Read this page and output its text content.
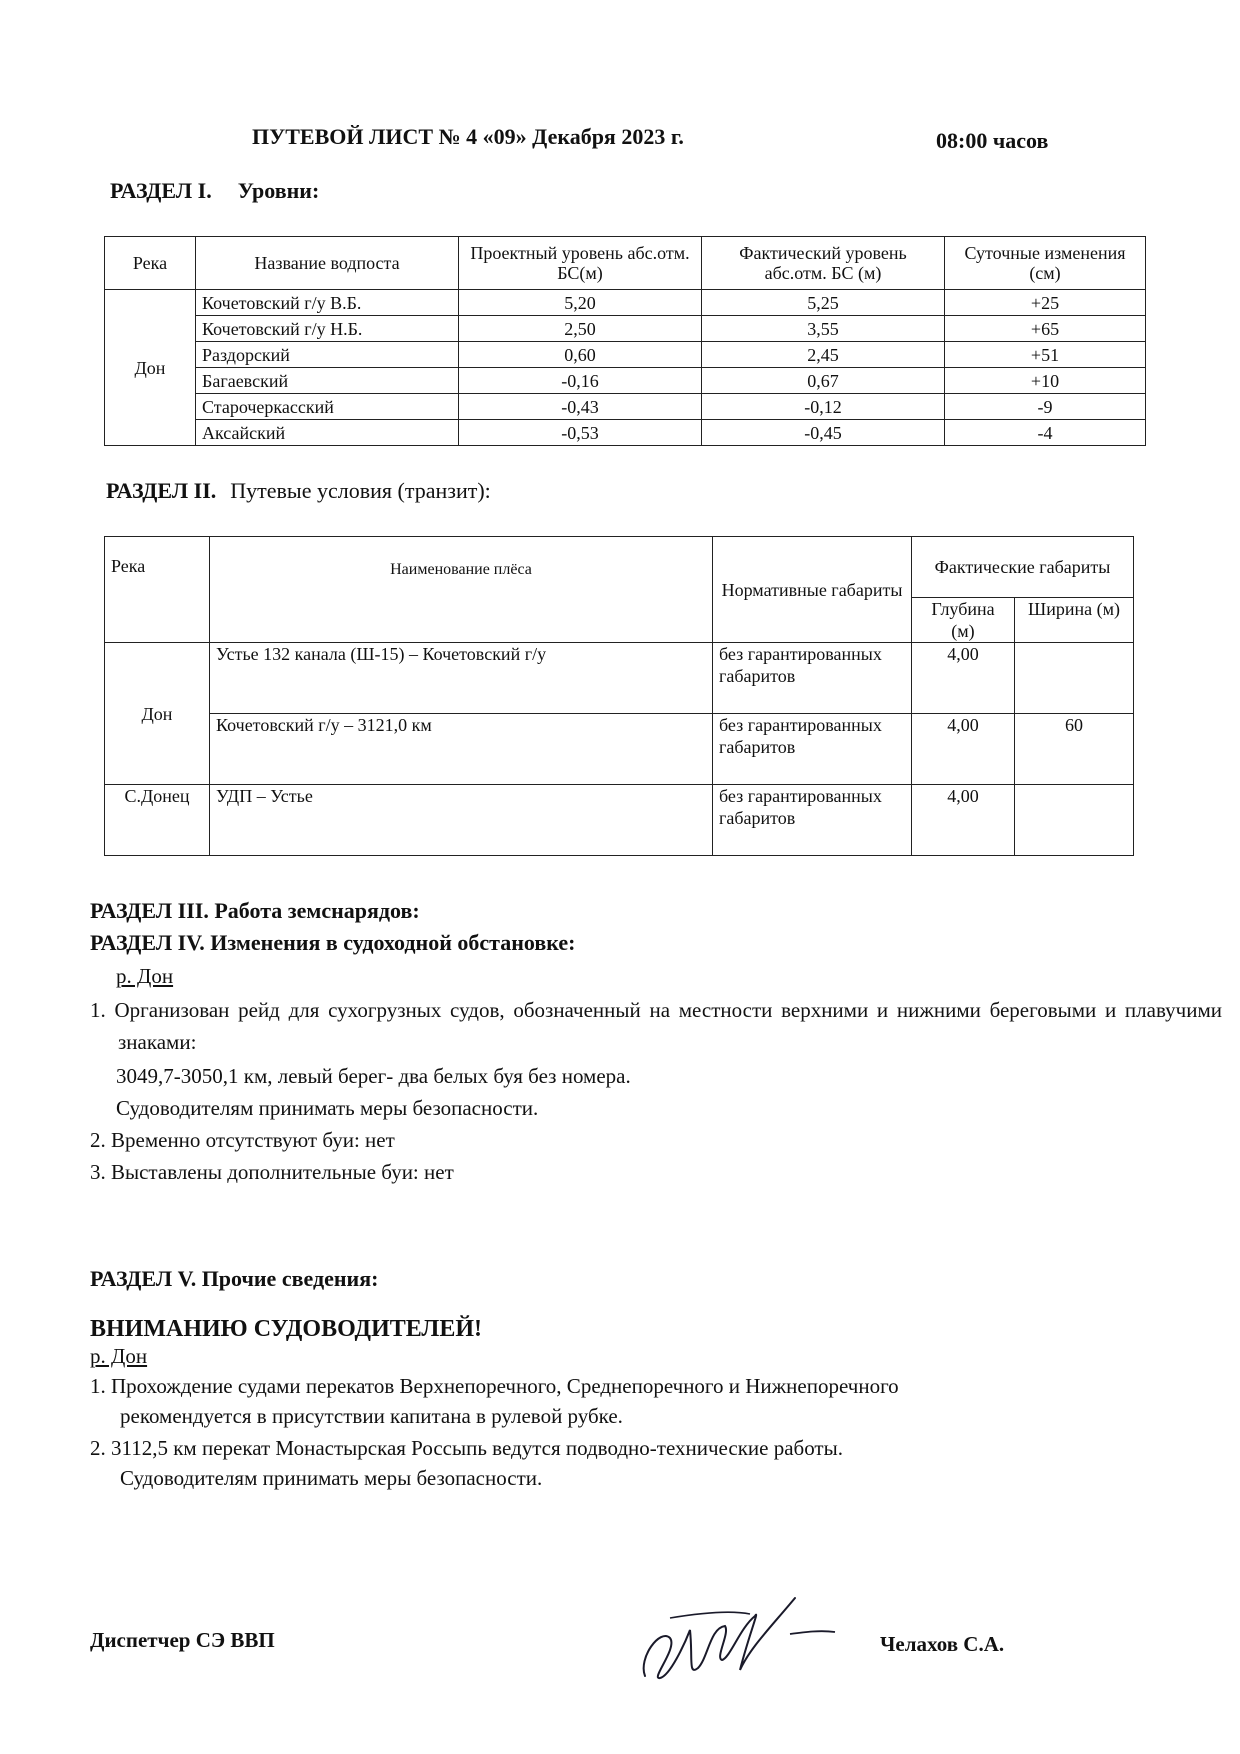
ПУТЕВОЙ ЛИСТ № 4 «09» Декабря 2023 г.	08:00 часов
РАЗДЕЛ I. Уровни:
Река	Название водпоста	Проектный уровень абс.отм. БС(м)	Фактический уровень абс.отм. БС (м)	Суточные изменения (см)
Дон	Кочетовский г/у В.Б.	5,20	5,25	+25
	Кочетовский г/у Н.Б.	2,50	3,55	+65
	Раздорский	0,60	2,45	+51
	Багаевский	-0,16	0,67	+10
	Старочеркасский	-0,43	-0,12	-9
	Аксайский	-0,53	-0,45	-4
РАЗДЕЛ II. Путевые условия (транзит):
Река	Наименование плёса	Нормативные габариты	Фактические габариты	
			Глубина (м)	Ширина (м)
Дон	Устье 132 канала (Ш-15) – Кочетовский г/у	без гарантированных габаритов	4,00	
	Кочетовский г/у – 3121,0 км	без гарантированных габаритов	4,00	60
С.Донец	УДП – Устье	без гарантированных габаритов	4,00	
РАЗДЕЛ III. Работа земснарядов:
РАЗДЕЛ IV. Изменения в судоходной обстановке:
р. Дон
1. Организован рейд для сухогрузных судов, обозначенный на местности верхними и нижними береговыми и плавучими знаками:
3049,7-3050,1 км, левый берег- два белых буя без номера.
Судоводителям принимать меры безопасности.
2. Временно отсутствуют буи: нет
3. Выставлены дополнительные буи: нет
РАЗДЕЛ V. Прочие сведения:
ВНИМАНИЮ СУДОВОДИТЕЛЕЙ!
р. Дон
1. Прохождение судами перекатов Верхнепоречного, Среднепоречного и Нижнепоречного
рекомендуется в присутствии капитана в рулевой рубке.
2. 3112,5 км перекат Монастырская Россыпь ведутся подводно-технические работы.
Судоводителям принимать меры безопасности.
Диспетчер СЭ ВВП	Челахов С.А.
